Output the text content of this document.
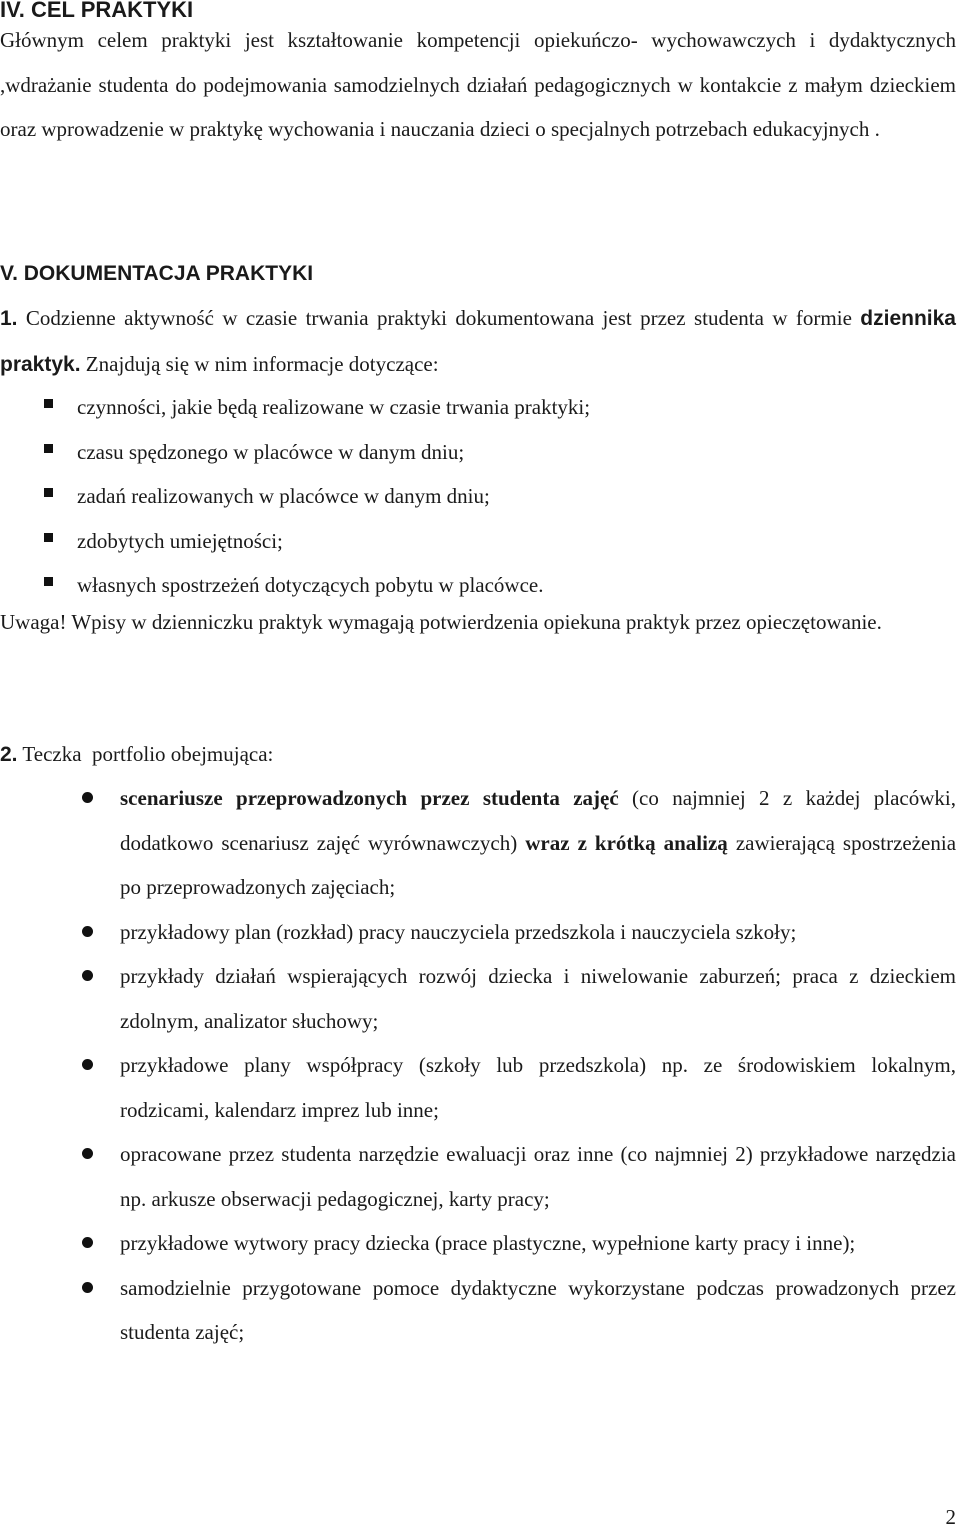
IV. CEL PRAKTYKI

Głównym celem praktyki jest kształtowanie kompetencji opiekuńczo- wychowawczych i dydaktycznych ,wdrażanie studenta do podejmowania samodzielnych działań pedagogicznych w kontakcie z małym dzieckiem oraz wprowadzenie w praktykę wychowania i nauczania dzieci o specjalnych potrzebach edukacyjnych .

V. DOKUMENTACJA PRAKTYKI

1. Codzienne aktywność w czasie trwania praktyki dokumentowana jest przez studenta w formie dziennika praktyk. Znajdują się w nim informacje dotyczące:

czynności, jakie będą realizowane w czasie trwania praktyki;
czasu spędzonego w placówce w danym dniu;
zadań realizowanych w placówce w danym dniu;
zdobytych umiejętności;
własnych spostrzeżeń dotyczących pobytu w placówce.

Uwaga! Wpisy w dzienniczku praktyk wymagają potwierdzenia opiekuna praktyk przez opieczętowanie.

2. Teczka  portfolio obejmująca:

scenariusze przeprowadzonych przez studenta zajęć (co najmniej 2 z każdej placówki, dodatkowo scenariusz zajęć wyrównawczych) wraz z krótką analizą zawierającą spostrzeżenia po przeprowadzonych zajęciach;
przykładowy plan (rozkład) pracy nauczyciela przedszkola i nauczyciela szkoły;
przykłady działań wspierających rozwój dziecka i niwelowanie zaburzeń; praca z dzieckiem zdolnym, analizator słuchowy;
przykładowe plany współpracy (szkoły lub przedszkola) np. ze środowiskiem lokalnym, rodzicami, kalendarz imprez lub inne;
opracowane przez studenta narzędzie ewaluacji oraz inne (co najmniej 2) przykładowe narzędzia np. arkusze obserwacji pedagogicznej, karty pracy;
przykładowe wytwory pracy dziecka (prace plastyczne, wypełnione karty pracy i inne);
samodzielnie przygotowane pomoce dydaktyczne wykorzystane podczas prowadzonych przez studenta zajęć;

2
